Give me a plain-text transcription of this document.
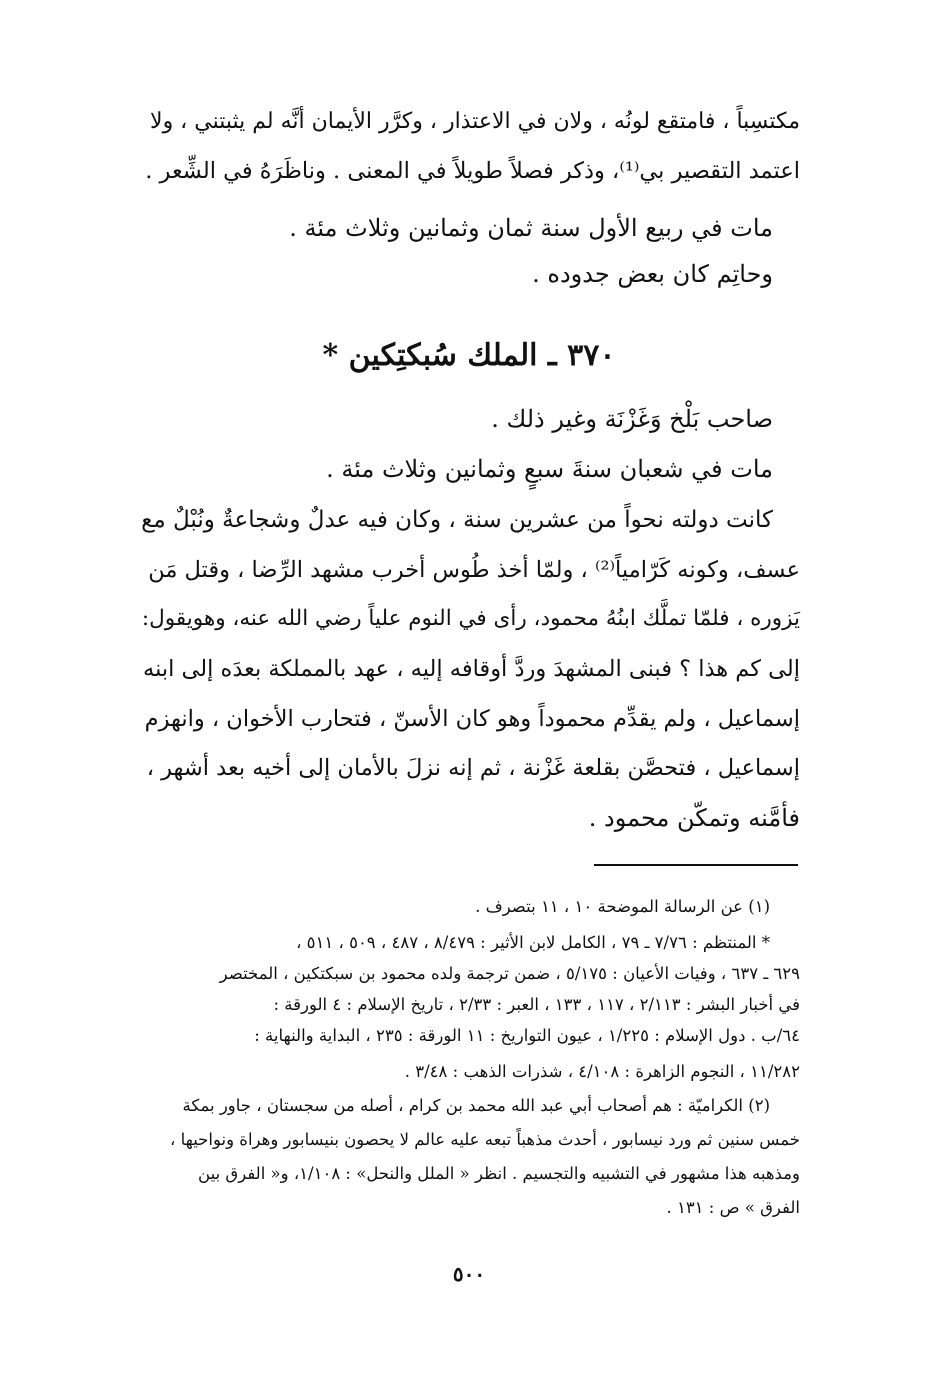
مكتسِباً ، فامتقع لونُه ، ولان في الاعتذار ، وكرَّر الأيمان أنَّه لم يثبتني ، ولا
اعتمد التقصير بي⁽¹⁾، وذكر فصلاً طويلاً في المعنى . وناظَرَهُ في الشِّعر .
مات في ربيع الأول سنة ثمان وثمانين وثلاث مئة .
وحاتِم كان بعض جدوده .
٣٧٠ ـ الملك سُبكتِكين *
صاحب بَلْخ وَغَزْنَة وغير ذلك .
مات في شعبان سنةَ سبعٍ وثمانين وثلاث مئة .
كانت دولته نحواً من عشرين سنة ، وكان فيه عدلٌ وشجاعةٌ ونُبْلٌ مع
عسف، وكونه كَرّامياً⁽²⁾ ، ولمّا أخذ طُوس أخرب مشهد الرِّضا ، وقتل مَن
يَزوره ، فلمّا تملَّك ابنُهُ محمود، رأى في النوم علياً رضي الله عنه، وهويقول:
إلى كم هذا ؟ فبنى المشهدَ وردَّ أوقافه إليه ، عهد بالمملكة بعدَه إلى ابنه
إسماعيل ، ولم يقدِّم محموداً وهو كان الأسنّ ، فتحارب الأخوان ، وانهزم
إسماعيل ، فتحصَّن بقلعة غَزْنة ، ثم إنه نزلَ بالأمان إلى أخيه بعد أشهر ،
فأمَّنه وتمكّن محمود .
(١) عن الرسالة الموضحة ١٠ ، ١١ بتصرف .
* المنتظم : ٧/٧٦ ـ ٧٩ ، الكامل لابن الأثير : ٨/٤٧٩ ، ٤٨٧ ، ٥٠٩ ، ٥١١ ،
٦٢٩ ـ ٦٣٧ ، وفيات الأعيان : ٥/١٧٥ ، ضمن ترجمة ولده محمود بن سبكتكين ، المختصر
في أخبار البشر : ٢/١١٣ ، ١١٧ ، ١٣٣ ، العبر : ٢/٣٣ ، تاريخ الإسلام : ٤ الورقة :
٦٤/ب . دول الإسلام : ١/٢٢٥ ، عيون التواريخ : ١١ الورقة : ٢٣٥ ، البداية والنهاية :
١١/٢٨٢ ، النجوم الزاهرة : ٤/١٠٨ ، شذرات الذهب : ٣/٤٨ .
(٢) الكراميّة : هم أصحاب أبي عبد الله محمد بن كرام ، أصله من سجستان ، جاور بمكة
خمس سنين ثم ورد نيسابور ، أحدث مذهباً تبعه عليه عالم لا يحصون بنيسابور وهراة ونواحيها ،
ومذهبه هذا مشهور في التشبيه والتجسيم . انظر « الملل والنحل» : ١/١٠٨، و« الفرق بين
الفرق » ص : ١٣١ .
٥٠٠
